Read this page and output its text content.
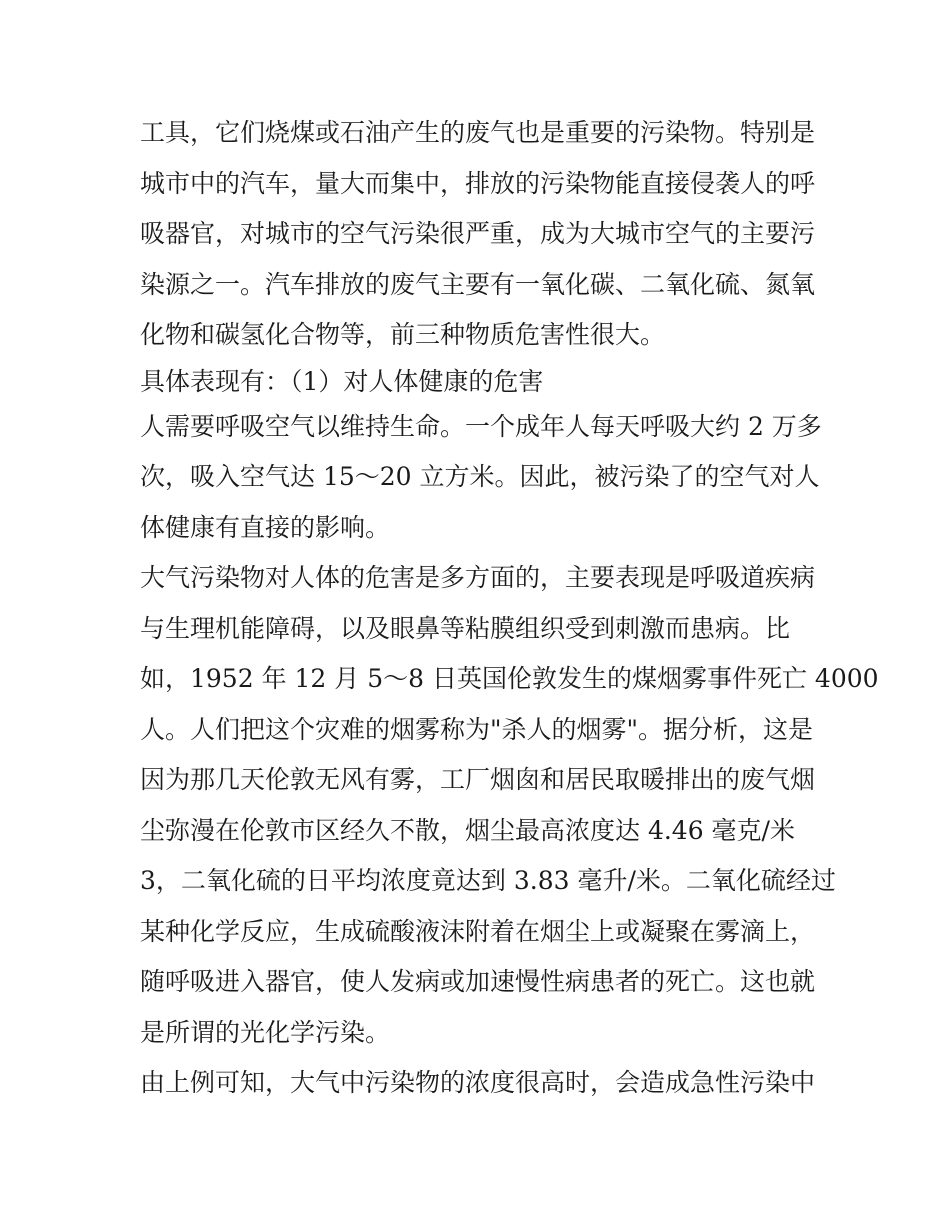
工具，它们烧煤或石油产生的废气也是重要的污染物。特别是
城市中的汽车，量大而集中，排放的污染物能直接侵袭人的呼
吸器官，对城市的空气污染很严重，成为大城市空气的主要污
染源之一。汽车排放的废气主要有一氧化碳、二氧化硫、氮氧
化物和碳氢化合物等，前三种物质危害性很大。
具体表现有：（1）对人体健康的危害
人需要呼吸空气以维持生命。一个成年人每天呼吸大约 2 万多
次，吸入空气达 15～20 立方米。因此，被污染了的空气对人
体健康有直接的影响。
大气污染物对人体的危害是多方面的，主要表现是呼吸道疾病
与生理机能障碍，以及眼鼻等粘膜组织受到刺激而患病。比
如，1952 年 12 月 5～8 日英国伦敦发生的煤烟雾事件死亡 4000
人。人们把这个灾难的烟雾称为"杀人的烟雾"。据分析，这是
因为那几天伦敦无风有雾，工厂烟囱和居民取暖排出的废气烟
尘弥漫在伦敦市区经久不散，烟尘最高浓度达 4.46 毫克/米
3，二氧化硫的日平均浓度竟达到 3.83 毫升/米。二氧化硫经过
某种化学反应，生成硫酸液沫附着在烟尘上或凝聚在雾滴上，
随呼吸进入器官，使人发病或加速慢性病患者的死亡。这也就
是所谓的光化学污染。
由上例可知，大气中污染物的浓度很高时，会造成急性污染中
